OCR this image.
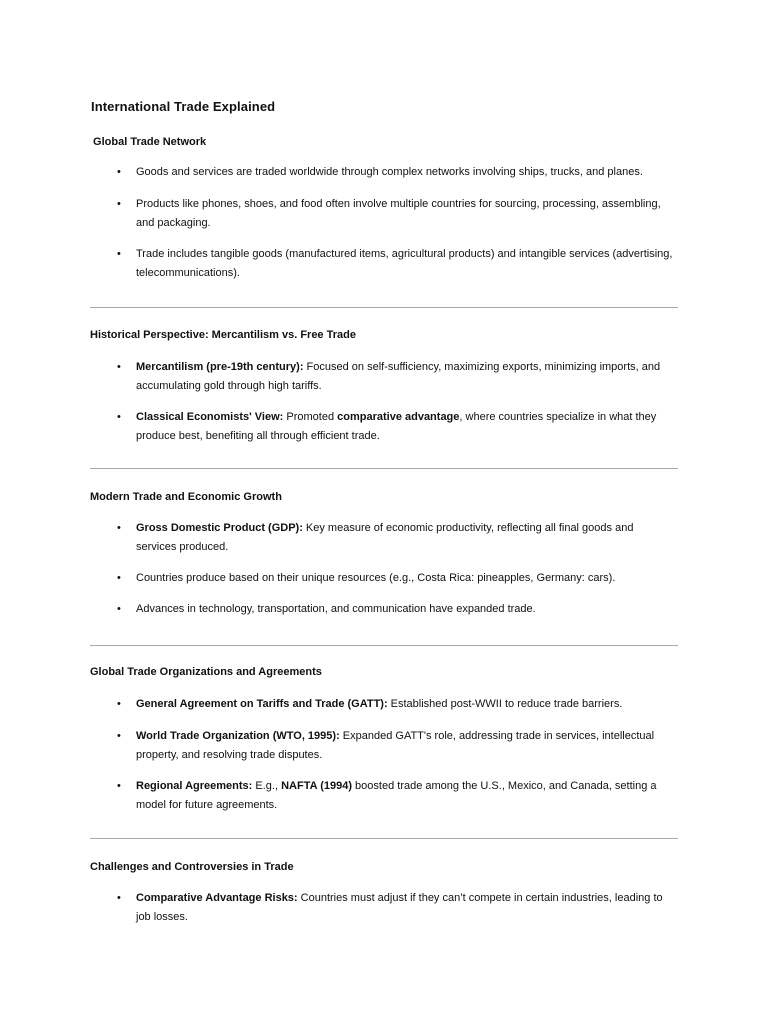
International Trade Explained
Global Trade Network
•	Goods and services are traded worldwide through complex networks involving ships, trucks, and planes.
•	Products like phones, shoes, and food often involve multiple countries for sourcing, processing, assembling, and packaging.
•	Trade includes tangible goods (manufactured items, agricultural products) and intangible services (advertising, telecommunications).
Historical Perspective: Mercantilism vs. Free Trade
•	Mercantilism (pre-19th century): Focused on self-sufficiency, maximizing exports, minimizing imports, and accumulating gold through high tariffs.
•	Classical Economists' View: Promoted comparative advantage, where countries specialize in what they produce best, benefiting all through efficient trade.
Modern Trade and Economic Growth
•	Gross Domestic Product (GDP): Key measure of economic productivity, reflecting all final goods and services produced.
•	Countries produce based on their unique resources (e.g., Costa Rica: pineapples, Germany: cars).
•	Advances in technology, transportation, and communication have expanded trade.
Global Trade Organizations and Agreements
•	General Agreement on Tariffs and Trade (GATT): Established post-WWII to reduce trade barriers.
•	World Trade Organization (WTO, 1995): Expanded GATT's role, addressing trade in services, intellectual property, and resolving trade disputes.
•	Regional Agreements: E.g., NAFTA (1994) boosted trade among the U.S., Mexico, and Canada, setting a model for future agreements.
Challenges and Controversies in Trade
•	Comparative Advantage Risks: Countries must adjust if they can’t compete in certain industries, leading to job losses.
